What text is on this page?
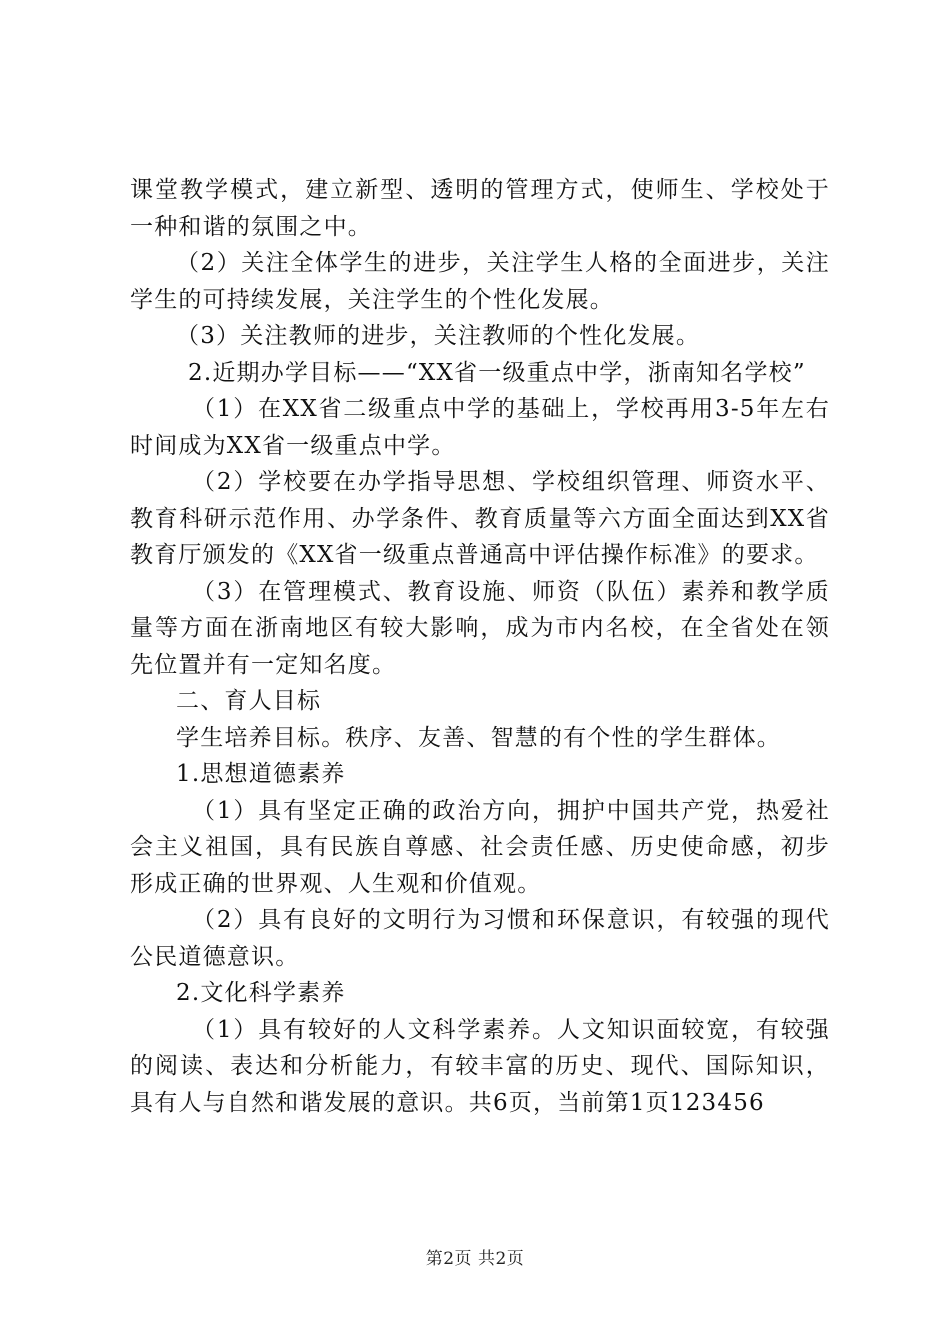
课堂教学模式，建立新型、透明的管理方式，使师生、学校处于一种和谐的氛围之中。

（2）关注全体学生的进步，关注学生人格的全面进步，关注学生的可持续发展，关注学生的个性化发展。

（3）关注教师的进步，关注教师的个性化发展。

2.近期办学目标——“XX省一级重点中学，浙南知名学校”

（1）在XX省二级重点中学的基础上，学校再用3-5年左右时间成为XX省一级重点中学。

（2）学校要在办学指导思想、学校组织管理、师资水平、教育科研示范作用、办学条件、教育质量等六方面全面达到XX省教育厅颁发的《XX省一级重点普通高中评估操作标准》的要求。

（3）在管理模式、教育设施、师资（队伍）素养和教学质量等方面在浙南地区有较大影响，成为市内名校，在全省处在领先位置并有一定知名度。

二、育人目标

学生培养目标。秩序、友善、智慧的有个性的学生群体。

1.思想道德素养

（1）具有坚定正确的政治方向，拥护中国共产党，热爱社会主义祖国，具有民族自尊感、社会责任感、历史使命感，初步形成正确的世界观、人生观和价值观。

（2）具有良好的文明行为习惯和环保意识，有较强的现代公民道德意识。

2.文化科学素养

（1）具有较好的人文科学素养。人文知识面较宽，有较强的阅读、表达和分析能力，有较丰富的历史、现代、国际知识，具有人与自然和谐发展的意识。共6页，当前第1页123456

第2页 共2页
